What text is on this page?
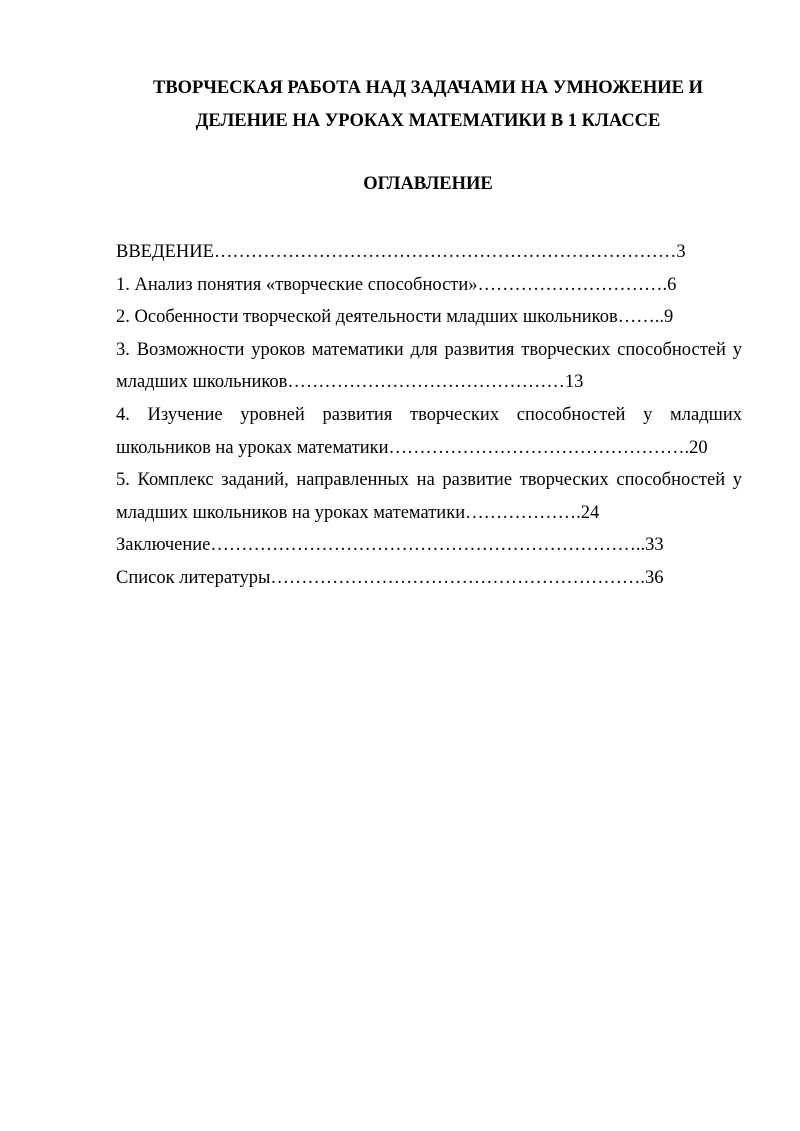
ТВОРЧЕСКАЯ РАБОТА НАД ЗАДАЧАМИ НА УМНОЖЕНИЕ И
ДЕЛЕНИЕ НА УРОКАХ МАТЕМАТИКИ В 1 КЛАССЕ
ОГЛАВЛЕНИЕ

ВВЕДЕНИЕ…………………………………………………………………3

1. Анализ понятия «творческие способности»………………………….6

2. Особенности творческой деятельности младших школьников……..9

3. Возможности уроков математики для развития творческих способностей у младших школьников………………………………………13

4. Изучение уровней развития творческих способностей у младших школьников на уроках математики………………………………………….20

5. Комплекс заданий, направленных на развитие творческих способностей у младших школьников на уроках математики……………….24

Заключение……………………………………………………………..33

Список литературы…………………………………………………….36
